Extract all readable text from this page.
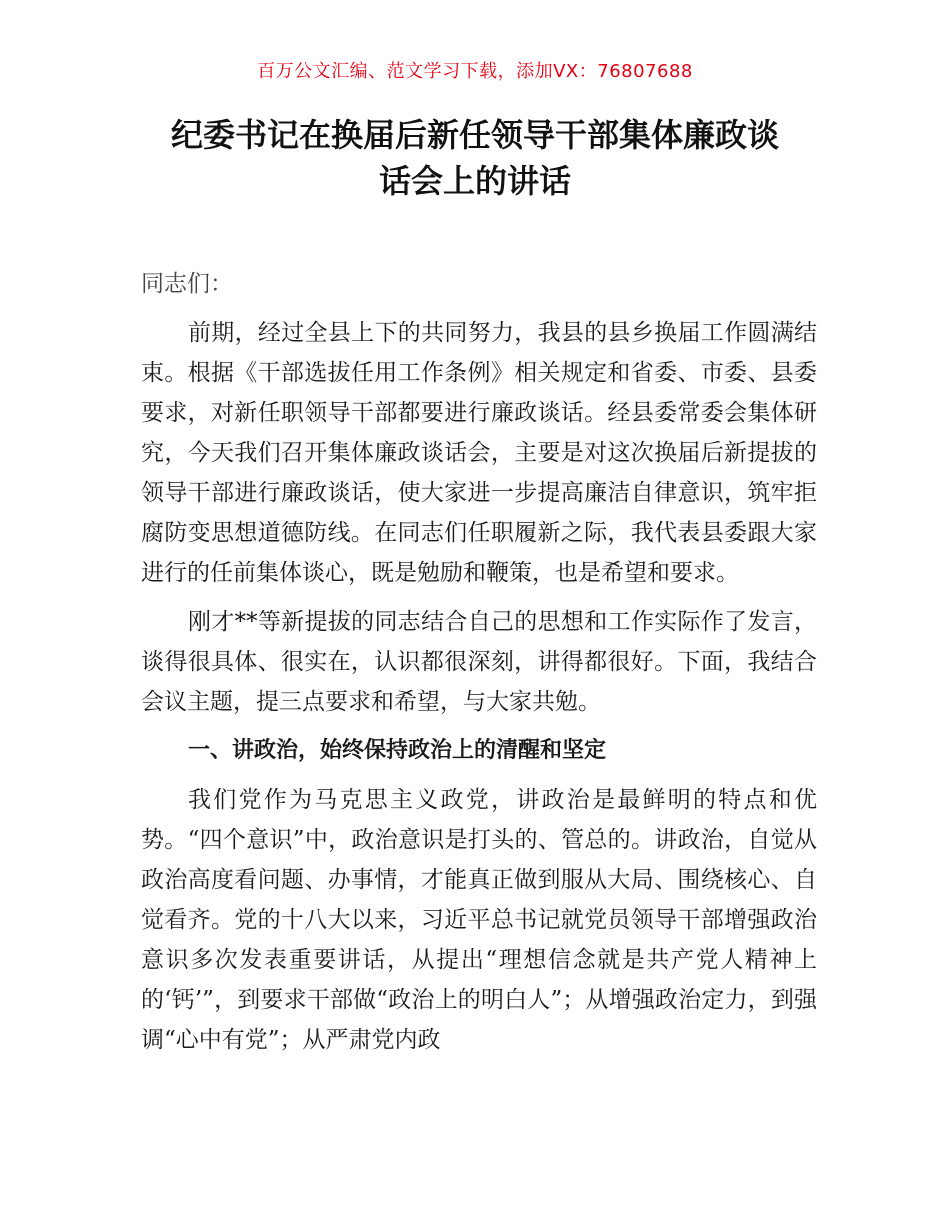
百万公文汇编、范文学习下载，添加VX：76807688
纪委书记在换届后新任领导干部集体廉政谈
话会上的讲话

同志们：

前期，经过全县上下的共同努力，我县的县乡换届工作圆满结束。根据《干部选拔任用工作条例》相关规定和省委、市委、县委要求，对新任职领导干部都要进行廉政谈话。经县委常委会集体研究，今天我们召开集体廉政谈话会，主要是对这次换届后新提拔的领导干部进行廉政谈话，使大家进一步提高廉洁自律意识，筑牢拒腐防变思想道德防线。在同志们任职履新之际，我代表县委跟大家进行的任前集体谈心，既是勉励和鞭策，也是希望和要求。

刚才**等新提拔的同志结合自己的思想和工作实际作了发言，谈得很具体、很实在，认识都很深刻，讲得都很好。下面，我结合会议主题，提三点要求和希望，与大家共勉。

一、讲政治，始终保持政治上的清醒和坚定

我们党作为马克思主义政党，讲政治是最鲜明的特点和优势。“四个意识”中，政治意识是打头的、管总的。讲政治，自觉从政治高度看问题、办事情，才能真正做到服从大局、围绕核心、自觉看齐。党的十八大以来，习近平总书记就党员领导干部增强政治意识多次发表重要讲话，从提出“理想信念就是共产党人精神上的‘钙’”，到要求干部做“政治上的明白人”；从增强政治定力，到强调“心中有党”；从严肃党内政
